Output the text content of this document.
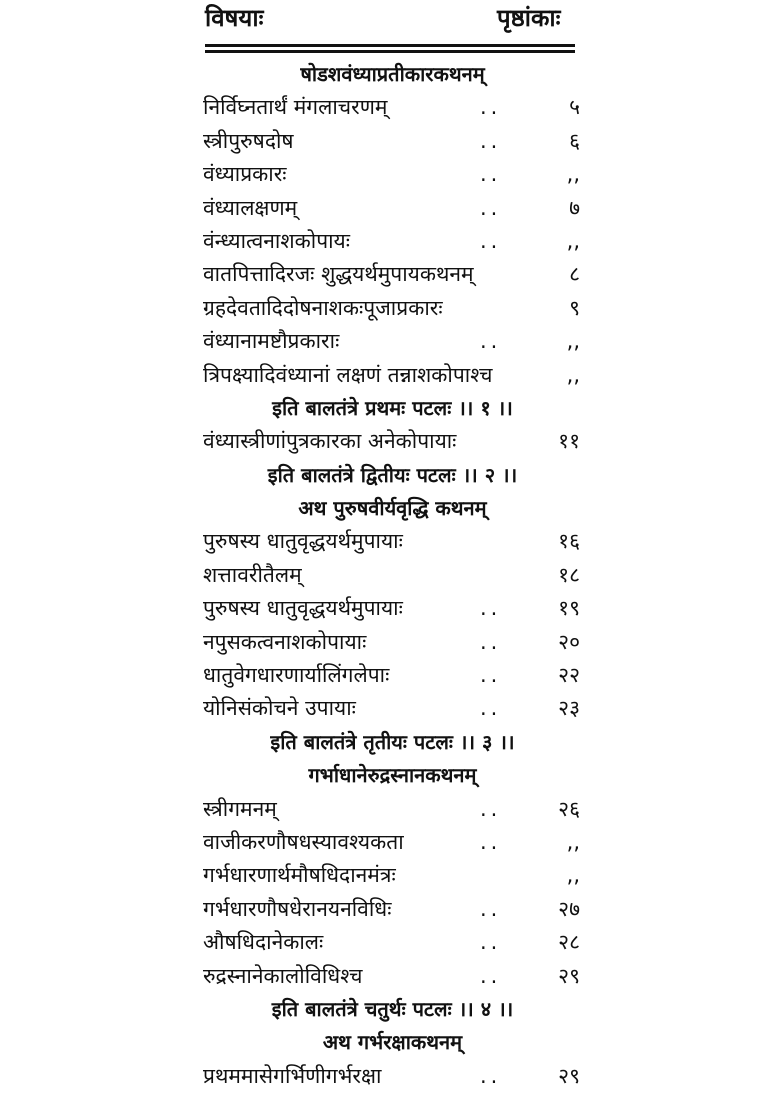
विषयाः	पृष्ठांकाः
षोडशवंध्याप्रतीकारकथनम्
निर्विघ्नतार्थं मंगलाचरणम्	..	५
स्त्रीपुरुषदोष	..	६
वंध्याप्रकारः	..	,,
वंध्यालक्षणम्	..	७
वंन्ध्यात्वनाशकोपायः	..	,,
वातपित्तादिरजः शुद्धयर्थमुपायकथनम्	८
ग्रहदेवतादिदोषनाशकःपूजाप्रकारः	९
वंध्यानामष्टौप्रकाराः	..	,,
त्रिपक्ष्यादिवंध्यानां लक्षणं तन्नाशकोपाश्च	,,
इति बालतंत्रे प्रथमः पटलः ।। १ ।।
वंध्यास्त्रीणांपुत्रकारका अनेकोपायाः	११
इति बालतंत्रे द्वितीयः पटलः ।। २ ।।
अथ पुरुषवीर्यवृद्धि कथनम्
पुरुषस्य धातुवृद्धयर्थमुपायाः	१६
शत्तावरीतैलम्	१८
पुरुषस्य धातुवृद्धयर्थमुपायाः	..	१९
नपुसकत्वनाशकोपायाः	..	२०
धातुवेगधारणार्यालिंगलेपाः	..	२२
योनिसंकोचने उपायाः	..	२३
इति बालतंत्रे तृतीयः पटलः ।। ३ ।।
गर्भाधानेरुद्रस्नानकथनम्
स्त्रीगमनम्	..	२६
वाजीकरणौषधस्यावश्यकता	..	,,
गर्भधारणार्थमौषधिदानमंत्रः	,,
गर्भधारणौषधेरानयनविधिः	..	२७
औषधिदानेकालः	..	२८
रुद्रस्नानेकालोविधिश्च	..	२९
इति बालतंत्रे चतुर्थः पटलः ।। ४ ।।
अथ गर्भरक्षाकथनम्
प्रथममासेगर्भिणीगर्भरक्षा	..	२९
